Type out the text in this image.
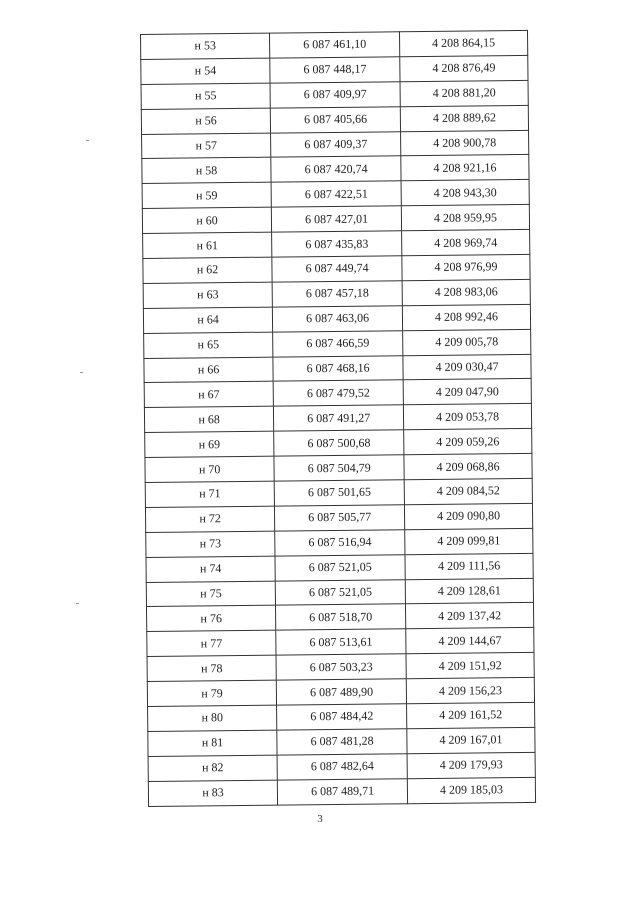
н 53	6 087 461,10	4 208 864,15
н 54	6 087 448,17	4 208 876,49
н 55	6 087 409,97	4 208 881,20
н 56	6 087 405,66	4 208 889,62
н 57	6 087 409,37	4 208 900,78
н 58	6 087 420,74	4 208 921,16
н 59	6 087 422,51	4 208 943,30
н 60	6 087 427,01	4 208 959,95
н 61	6 087 435,83	4 208 969,74
н 62	6 087 449,74	4 208 976,99
н 63	6 087 457,18	4 208 983,06
н 64	6 087 463,06	4 208 992,46
н 65	6 087 466,59	4 209 005,78
н 66	6 087 468,16	4 209 030,47
н 67	6 087 479,52	4 209 047,90
н 68	6 087 491,27	4 209 053,78
н 69	6 087 500,68	4 209 059,26
н 70	6 087 504,79	4 209 068,86
н 71	6 087 501,65	4 209 084,52
н 72	6 087 505,77	4 209 090,80
н 73	6 087 516,94	4 209 099,81
н 74	6 087 521,05	4 209 111,56
н 75	6 087 521,05	4 209 128,61
н 76	6 087 518,70	4 209 137,42
н 77	6 087 513,61	4 209 144,67
н 78	6 087 503,23	4 209 151,92
н 79	6 087 489,90	4 209 156,23
н 80	6 087 484,42	4 209 161,52
н 81	6 087 481,28	4 209 167,01
н 82	6 087 482,64	4 209 179,93
н 83	6 087 489,71	4 209 185,03
3
